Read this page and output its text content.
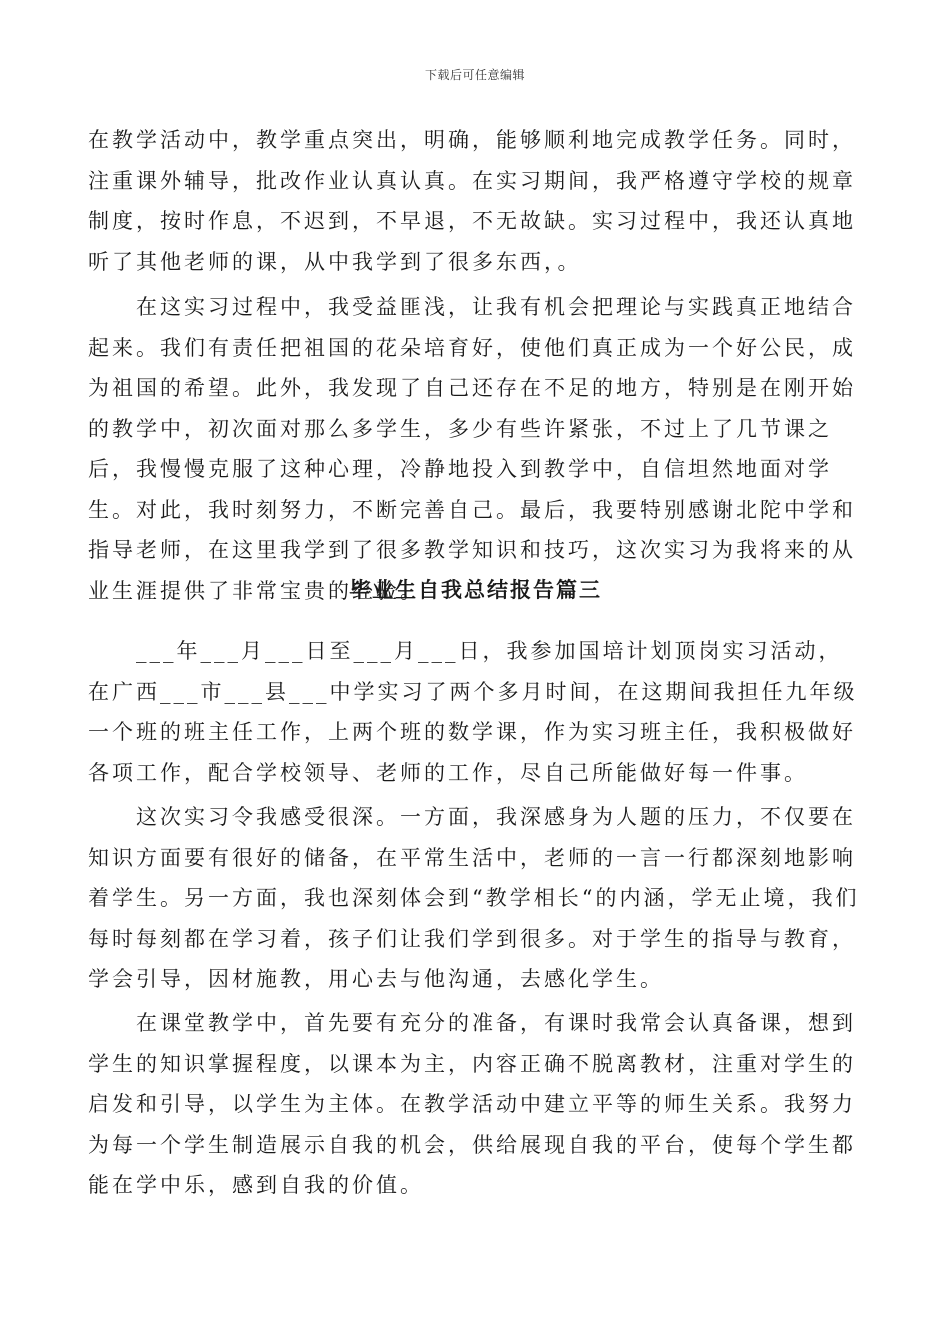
下载后可任意编辑

在教学活动中，教学重点突出，明确，能够顺利地完成教学任务。同时，注重课外辅导，批改作业认真认真。在实习期间，我严格遵守学校的规章制度，按时作息，不迟到，不早退，不无故缺。实习过程中，我还认真地听了其他老师的课，从中我学到了很多东西，。

在这实习过程中，我受益匪浅，让我有机会把理论与实践真正地结合起来。我们有责任把祖国的花朵培育好，使他们真正成为一个好公民，成为祖国的希望。此外，我发现了自己还存在不足的地方，特别是在刚开始的教学中，初次面对那么多学生，多少有些许紧张，不过上了几节课之后，我慢慢克服了这种心理，冷静地投入到教学中，自信坦然地面对学生。对此，我时刻努力，不断完善自己。最后，我要特别感谢北陀中学和指导老师，在这里我学到了很多教学知识和技巧，这次实习为我将来的从业生涯提供了非常宝贵的经验。

毕业生自我总结报告篇三

___年___月___日至___月___日，我参加国培计划顶岗实习活动，在广西___市___县___中学实习了两个多月时间，在这期间我担任九年级一个班的班主任工作，上两个班的数学课，作为实习班主任，我积极做好各项工作，配合学校领导、老师的工作，尽自己所能做好每一件事。

这次实习令我感受很深。一方面，我深感身为人题的压力，不仅要在知识方面要有很好的储备，在平常生活中，老师的一言一行都深刻地影响着学生。另一方面，我也深刻体会到“教学相长“的内涵，学无止境，我们每时每刻都在学习着，孩子们让我们学到很多。对于学生的指导与教育，学会引导，因材施教，用心去与他沟通，去感化学生。

在课堂教学中，首先要有充分的准备，有课时我常会认真备课，想到学生的知识掌握程度，以课本为主，内容正确不脱离教材，注重对学生的启发和引导，以学生为主体。在教学活动中建立平等的师生关系。我努力为每一个学生制造展示自我的机会，供给展现自我的平台，使每个学生都能在学中乐，感到自我的价值。
